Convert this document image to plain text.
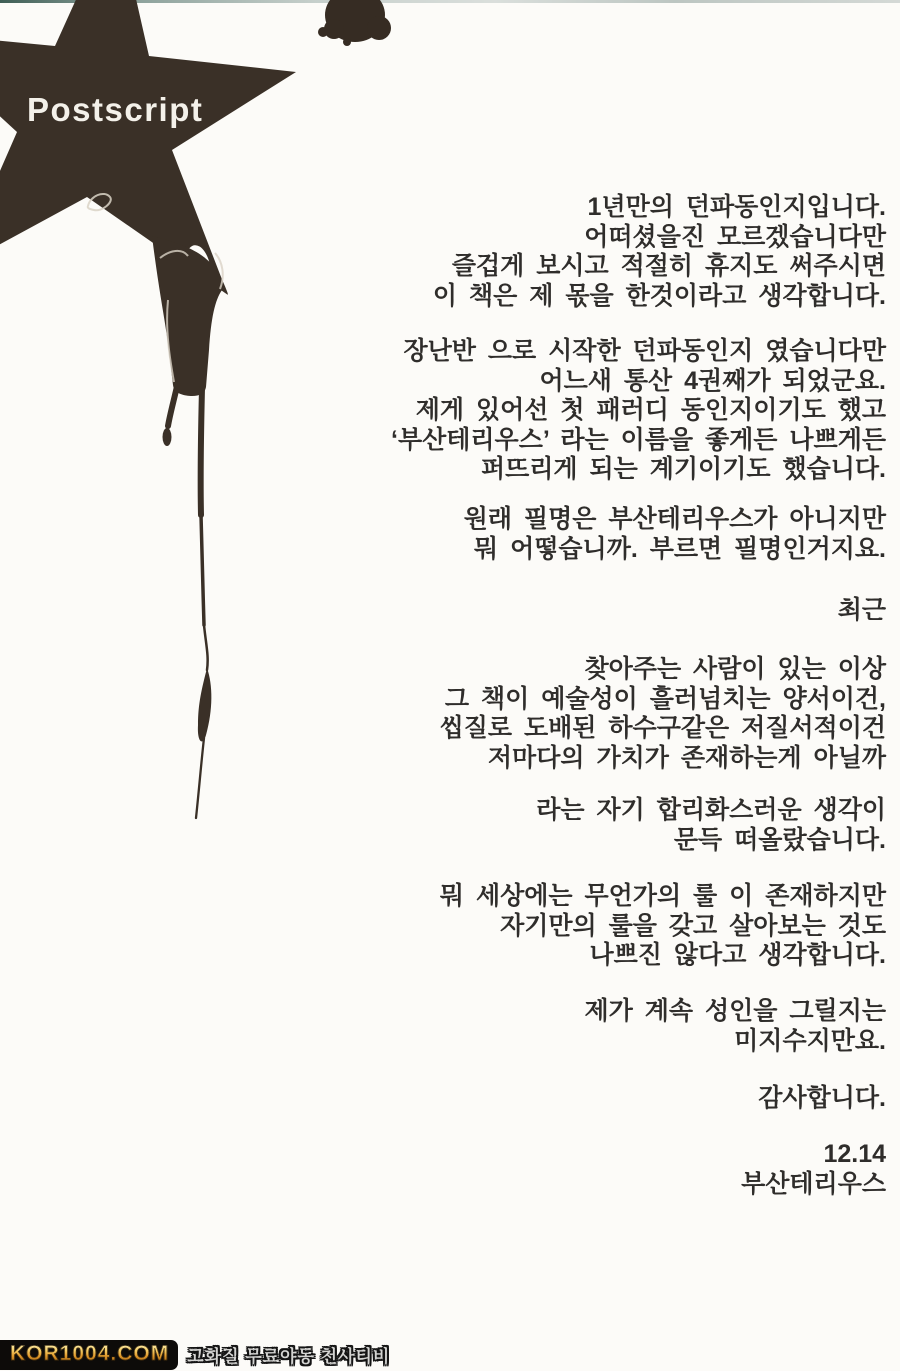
Postscript
1년만의 던파동인지입니다.
어떠셨을진 모르겠습니다만
즐겁게 보시고 적절히 휴지도 써주시면
이 책은 제 몫을 한것이라고 생각합니다.
장난반 으로 시작한 던파동인지 였습니다만
어느새 통산 4권째가 되었군요.
제게 있어선 첫 패러디 동인지이기도 했고
‘부산테리우스’ 라는 이름을 좋게든 나쁘게든
퍼뜨리게 되는 계기이기도 했습니다.
원래 필명은 부산테리우스가 아니지만
뭐 어떻습니까. 부르면 필명인거지요.
최근
찾아주는 사람이 있는 이상
그 책이 예술성이 흘러넘치는 양서이건,
씹질로 도배된 하수구같은 저질서적이건
저마다의 가치가 존재하는게 아닐까
라는 자기 합리화스러운 생각이
문득 떠올랐습니다.
뭐 세상에는 무언가의 룰 이 존재하지만
자기만의 룰을 갖고 살아보는 것도
나쁘진 않다고 생각합니다.
제가 계속 성인을 그릴지는
미지수지만요.
감사합니다.
12.14
부산테리우스
KOR1004.COM	고화질 무료야동 천사티비
